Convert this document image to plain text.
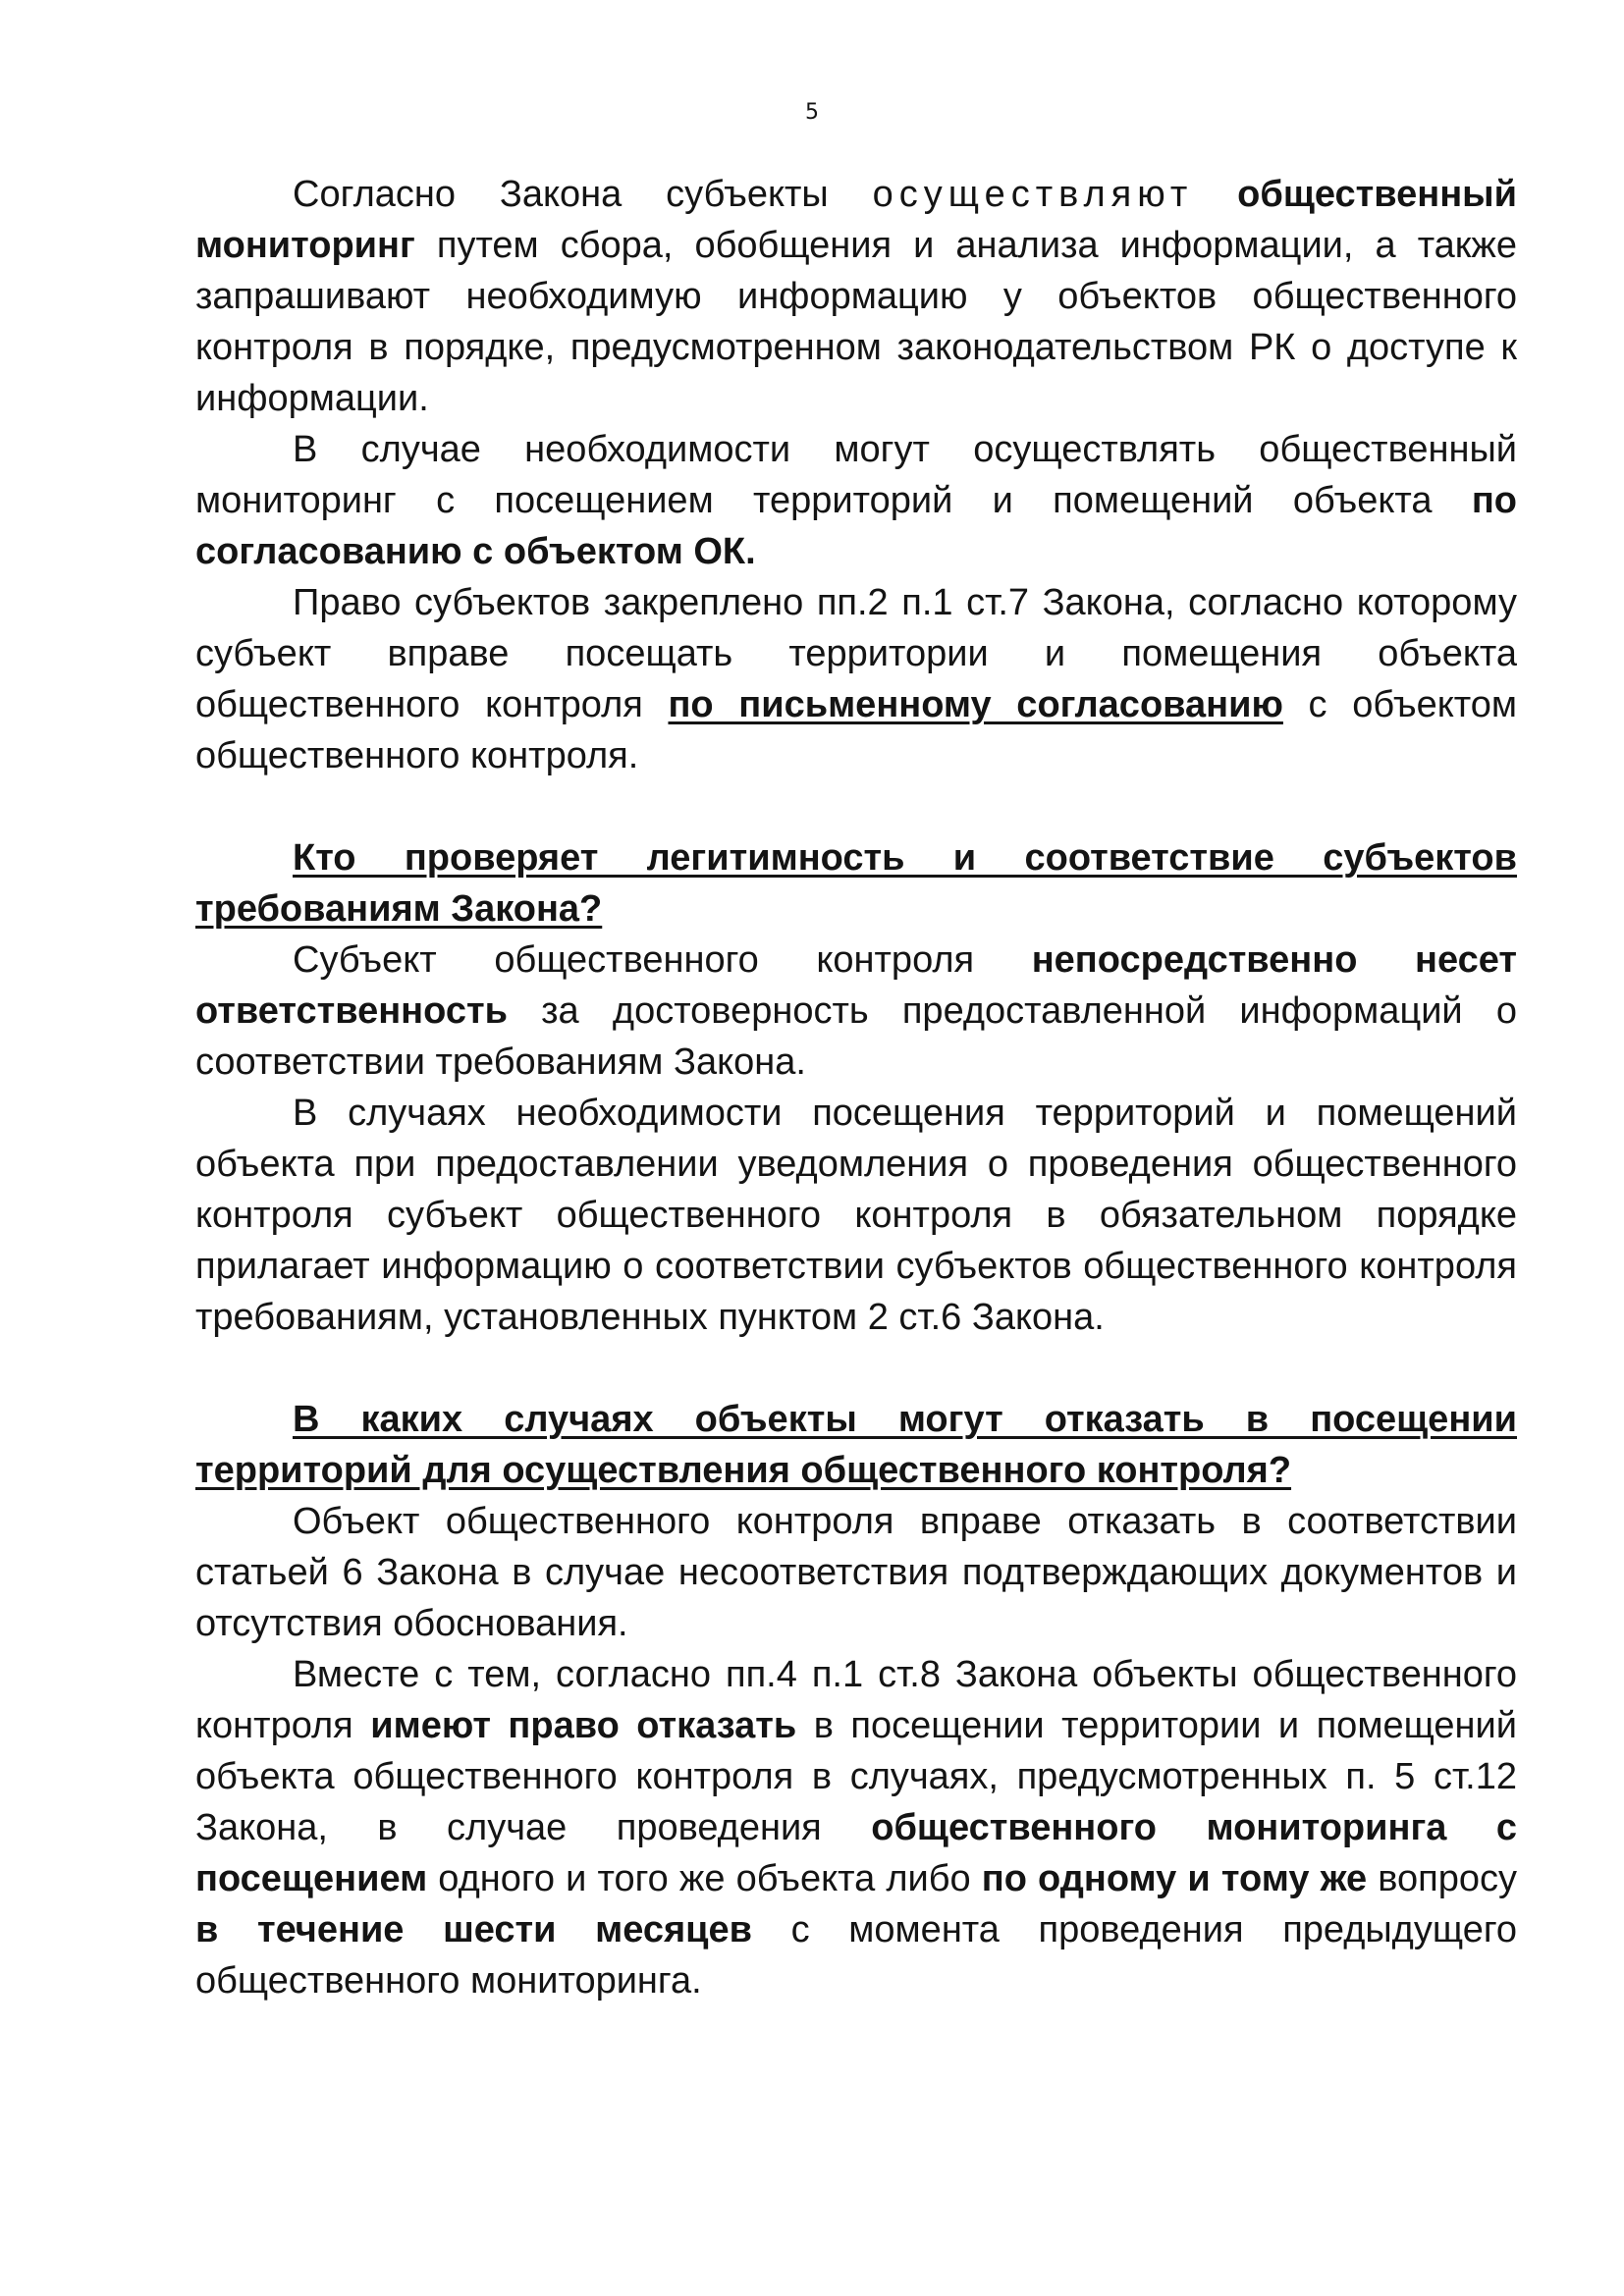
5

Согласно Закона субъекты осуществляют общественный мониторинг путем сбора, обобщения и анализа информации, а также запрашивают необходимую информацию у объектов общественного контроля в порядке, предусмотренном законодательством РК о доступе к информации.

В случае необходимости могут осуществлять общественный мониторинг с посещением территорий и помещений объекта по согласованию с объектом ОК.

Право субъектов закреплено пп.2 п.1 ст.7 Закона, согласно которому субъект вправе посещать территории и помещения объекта общественного контроля по письменному согласованию с объектом общественного контроля.

Кто проверяет легитимность и соответствие субъектов требованиям Закона?

Субъект общественного контроля непосредственно несет ответственность за достоверность предоставленной информаций о соответствии требованиям Закона.

В случаях необходимости посещения территорий и помещений объекта при предоставлении уведомления о проведения общественного контроля субъект общественного контроля в обязательном порядке прилагает информацию о соответствии субъектов общественного контроля требованиям, установленных пунктом 2 ст.6 Закона.

В каких случаях объекты могут отказать в посещении территорий для осуществления общественного контроля?

Объект общественного контроля вправе отказать в соответствии статьей 6 Закона в случае несоответствия подтверждающих документов и отсутствия обоснования.

Вместе с тем, согласно пп.4 п.1 ст.8 Закона объекты общественного контроля имеют право отказать в посещении территории и помещений объекта общественного контроля в случаях, предусмотренных п. 5 ст.12 Закона, в случае проведения общественного мониторинга с посещением одного и того же объекта либо по одному и тому же вопросу в течение шести месяцев с момента проведения предыдущего общественного мониторинга.
